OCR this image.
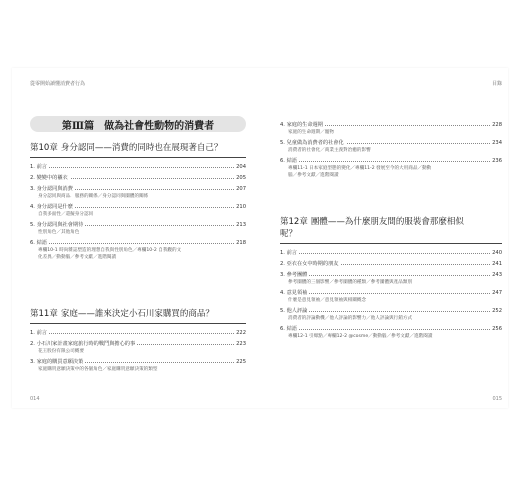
從零開始讀懂消費者行為
第Ⅲ篇 做為社會性動物的消費者
第10章 身分認同——消費的同時也在展現著自己？
1. 前言	204
2. 變變中的襯衣	205
3. 身分認同與消費	207
身分認同與商品．服務的關係／身分認同與團體的關係
4. 身分認同是什麼	210
自我多面性／還擬身分認同
5. 身分認同與社會期待	213
性別角色／其他角色
6. 結語	218
專欄10-1 時尚雜誌塑造的理想自我與性別角色／專欄10-2 自我觀的文
化差異／動動腦／參考文獻／進階閱讀
第11章 家庭——誰來決定小石川家購買的商品？
1. 前言	222
2. 小石川家計畫家庭旅行時的戰鬥與擔心的事	223
花王股份有限公司概要
3. 家庭的購買意願決策	225
家庭購買意願決策中的各個角色／家庭購買意願決策的類型
014
目錄
4. 家庭的生命週期	228
家庭的生命週期／寵物
5. 兒童做為消費者的社會化	234
消費者的社會化／商業主義對治癒的影響
6. 結語	236
專欄11-1 日本家庭型態的變化／專欄11-2 發展至今的大用商品／動動
腦／參考文獻／進階閱讀
第12章 團體——為什麼朋友間的服裝會那麼相似
呢？
1. 前言	240
2. 亞衣在女中時期的朋友	241
3. 參考團體	243
參考團體的三個影響／參考團體的種類／參考團體與產品類別
4. 意見領袖	247
什麼是意見領袖／意見領袖與相關概念
5. 他人評論	252
消費者的評論動機／他人評論的影響力／他人評論與行銷方式
6. 結語	256
專欄12-1 引爆點／專欄12-2 @cosme／動動腦／參考文獻／進階閱讀
015
